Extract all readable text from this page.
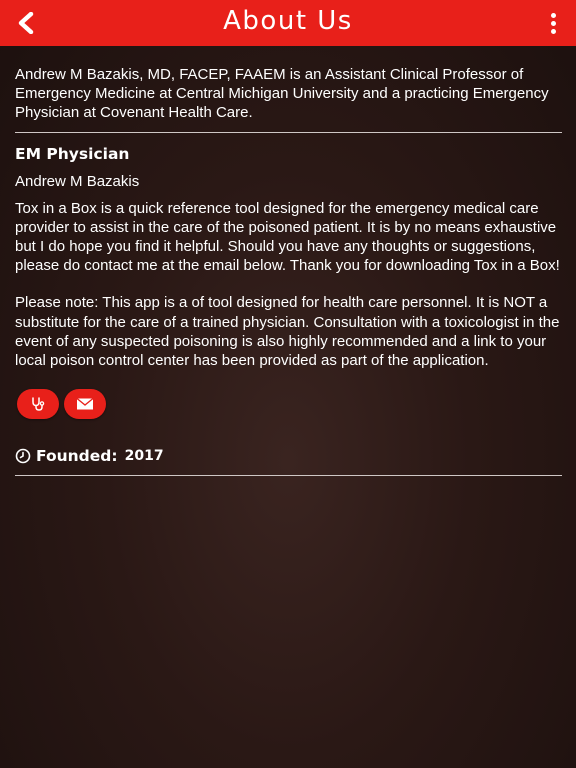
About Us

Andrew M Bazakis, MD, FACEP, FAAEM is an Assistant Clinical Professor of Emergency Medicine at Central Michigan University and a practicing Emergency Physician at Covenant Health Care.

EM Physician
Andrew M Bazakis

Tox in a Box is a quick reference tool designed for the emergency medical care provider to assist in the care of the poisoned patient. It is by no means exhaustive but I do hope you find it helpful. Should you have any thoughts or suggestions, please do contact me at the email below. Thank you for downloading Tox in a Box!

Please note: This app is a of tool designed for health care personnel. It is NOT a substitute for the care of a trained physician. Consultation with a toxicologist in the event of any suspected poisoning is also highly recommended and a link to your local poison control center has been provided as part of the application.

Founded: 2017
